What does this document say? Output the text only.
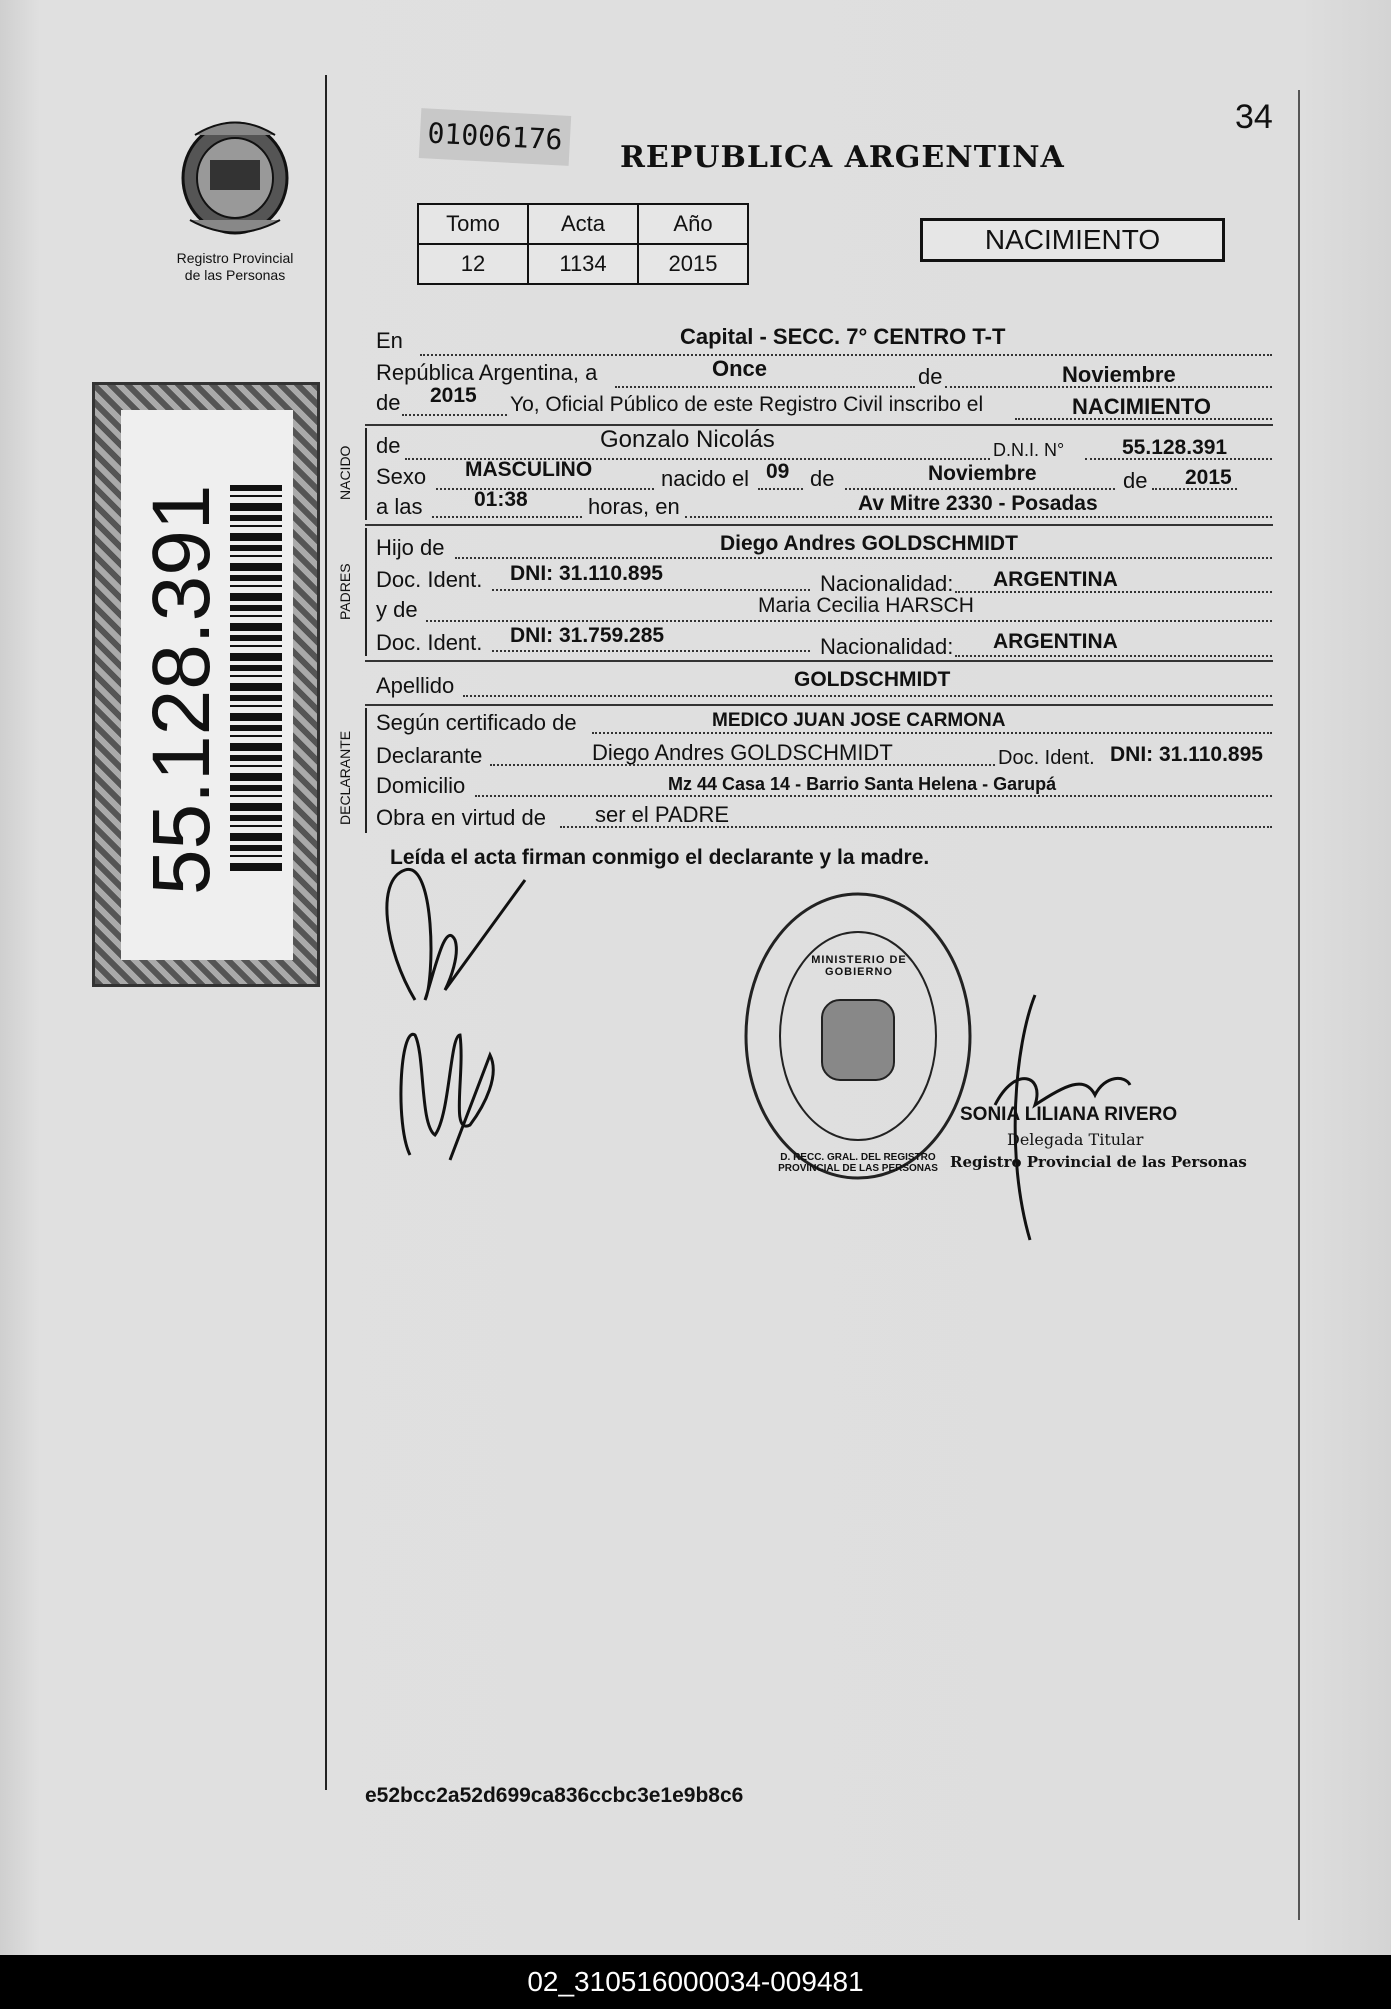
Registro Provincial
de las Personas
55.128.391
01006176
REPUBLICA ARGENTINA
34
Tomo	Acta	Año
12	1134	2015
NACIMIENTO
En	Capital - SECC. 7° CENTRO T-T
República Argentina, a	Once	de	Noviembre
de 2015 Yo, Oficial Público de este Registro Civil inscribo el	NACIMIENTO
NACIDO
de	Gonzalo Nicolás	D.N.I. N°	55.128.391
Sexo MASCULINO	nacido el 09 de	Noviembre	de 2015
a las 01:38	horas, en	Av Mitre 2330 - Posadas
PADRES
Hijo de	Diego Andres GOLDSCHMIDT
Doc. Ident. DNI: 31.110.895	Nacionalidad: ARGENTINA
y de	Maria Cecilia HARSCH
Doc. Ident. DNI: 31.759.285	Nacionalidad: ARGENTINA
Apellido	GOLDSCHMIDT
DECLARANTE
Según certificado de	MEDICO JUAN JOSE CARMONA
Declarante	Diego Andres GOLDSCHMIDT	Doc. Ident. DNI: 31.110.895
Domicilio	Mz 44 Casa 14 - Barrio Santa Helena - Garupá
Obra en virtud de ser el PADRE
Leída el acta firman conmigo el declarante y la madre.
MINISTERIO DE GOBIERNO
D. RECC. GRAL. DEL REGISTRO PROVINCIAL DE LAS PERSONAS
SONIA LILIANA RIVERO
Delegada Titular
Registro Provincial de las Personas
e52bcc2a52d699ca836ccbc3e1e9b8c6
02_310516000034-009481
